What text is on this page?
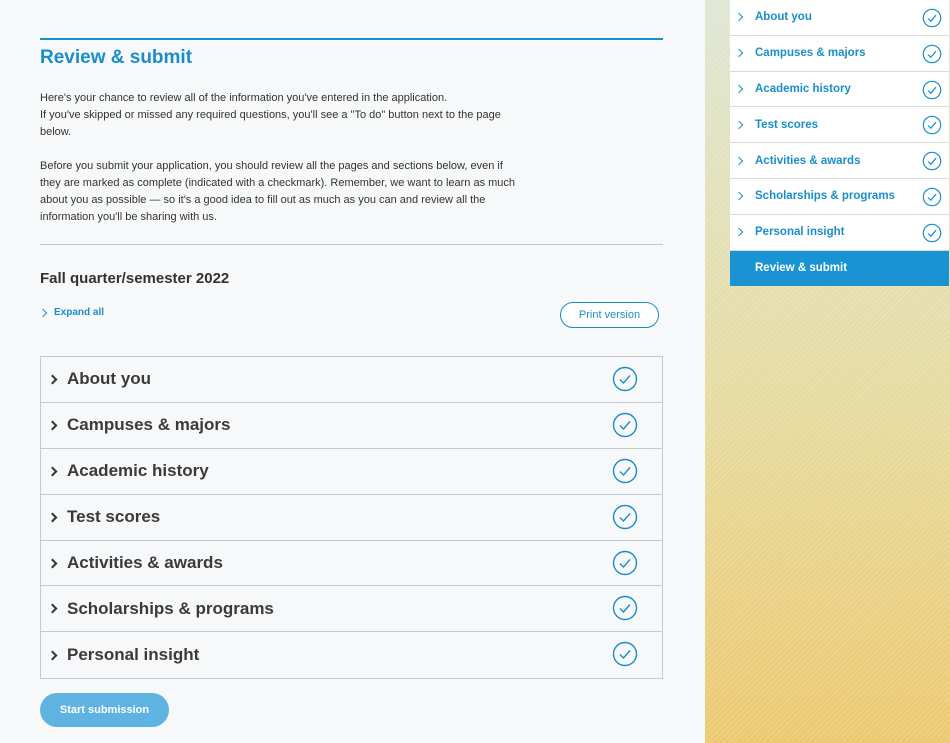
Review & submit

Here's your chance to review all of the information you've entered in the application.
If you've skipped or missed any required questions, you'll see a "To do" button next to the page below.

Before you submit your application, you should review all the pages and sections below, even if they are marked as complete (indicated with a checkmark). Remember, we want to learn as much about you as possible — so it's a good idea to fill out as much as you can and review all the information you'll be sharing with us.

Fall quarter/semester 2022
Expand all	Print version
About you
Campuses & majors
Academic history
Test scores
Activities & awards
Scholarships & programs
Personal insight
Start submission
About you
Campuses & majors
Academic history
Test scores
Activities & awards
Scholarships & programs
Personal insight
Review & submit
